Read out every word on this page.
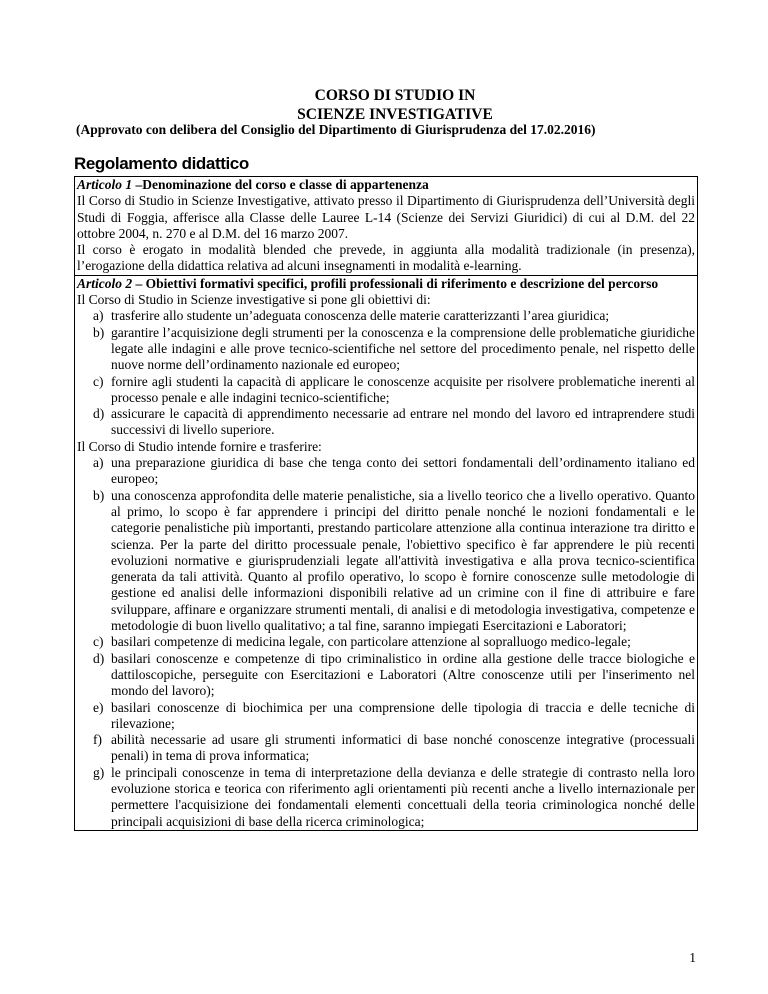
CORSO DI STUDIO IN
SCIENZE INVESTIGATIVE
(Approvato con delibera del Consiglio del Dipartimento di Giurisprudenza del 17.02.2016)
Regolamento didattico
Articolo 1 –Denominazione del corso e classe di appartenenza

Il Corso di Studio in Scienze Investigative, attivato presso il Dipartimento di Giurisprudenza dell’Università degli Studi di Foggia, afferisce alla Classe delle Lauree L-14 (Scienze dei Servizi Giuridici) di cui al D.M. del 22 ottobre 2004, n. 270 e al D.M. del 16 marzo 2007.

Il corso è erogato in modalità blended che prevede, in aggiunta alla modalità tradizionale (in presenza), l’erogazione della didattica relativa ad alcuni insegnamenti in modalità e-learning.

Articolo 2 – Obiettivi formativi specifici, profili professionali di riferimento e descrizione del percorso

Il Corso di Studio in Scienze investigative si pone gli obiettivi di:

a) trasferire allo studente un’adeguata conoscenza delle materie caratterizzanti l’area giuridica;
b) garantire l’acquisizione degli strumenti per la conoscenza e la comprensione delle problematiche giuridiche legate alle indagini e alle prove tecnico-scientifiche nel settore del procedimento penale, nel rispetto delle nuove norme dell’ordinamento nazionale ed europeo;
c) fornire agli studenti la capacità di applicare le conoscenze acquisite per risolvere problematiche inerenti al processo penale e alle indagini tecnico-scientifiche;
d) assicurare le capacità di apprendimento necessarie ad entrare nel mondo del lavoro ed intraprendere studi successivi di livello superiore.

Il Corso di Studio intende fornire e trasferire:

a) una preparazione giuridica di base che tenga conto dei settori fondamentali dell’ordinamento italiano ed europeo;
b) una conoscenza approfondita delle materie penalistiche, sia a livello teorico che a livello operativo. Quanto al primo, lo scopo è far apprendere i principi del diritto penale nonché le nozioni fondamentali e le categorie penalistiche più importanti, prestando particolare attenzione alla continua interazione tra diritto e scienza. Per la parte del diritto processuale penale, l'obiettivo specifico è far apprendere le più recenti evoluzioni normative e giurisprudenziali legate all'attività investigativa e alla prova tecnico-scientifica generata da tali attività. Quanto al profilo operativo, lo scopo è fornire conoscenze sulle metodologie di gestione ed analisi delle informazioni disponibili relative ad un crimine con il fine di attribuire e fare sviluppare, affinare e organizzare strumenti mentali, di analisi e di metodologia investigativa, competenze e metodologie di buon livello qualitativo; a tal fine, saranno impiegati Esercitazioni e Laboratori;
c) basilari competenze di medicina legale, con particolare attenzione al sopralluogo medico-legale;
d) basilari conoscenze e competenze di tipo criminalistico in ordine alla gestione delle tracce biologiche e dattiloscopiche, perseguite con Esercitazioni e Laboratori (Altre conoscenze utili per l'inserimento nel mondo del lavoro);
e) basilari conoscenze di biochimica per una comprensione delle tipologia di traccia e delle tecniche di rilevazione;
f) abilità necessarie ad usare gli strumenti informatici di base nonché conoscenze integrative (processuali penali) in tema di prova informatica;
g) le principali conoscenze in tema di interpretazione della devianza e delle strategie di contrasto nella loro evoluzione storica e teorica con riferimento agli orientamenti più recenti anche a livello internazionale per permettere l'acquisizione dei fondamentali elementi concettuali della teoria criminologica nonché delle principali acquisizioni di base della ricerca criminologica;
1
